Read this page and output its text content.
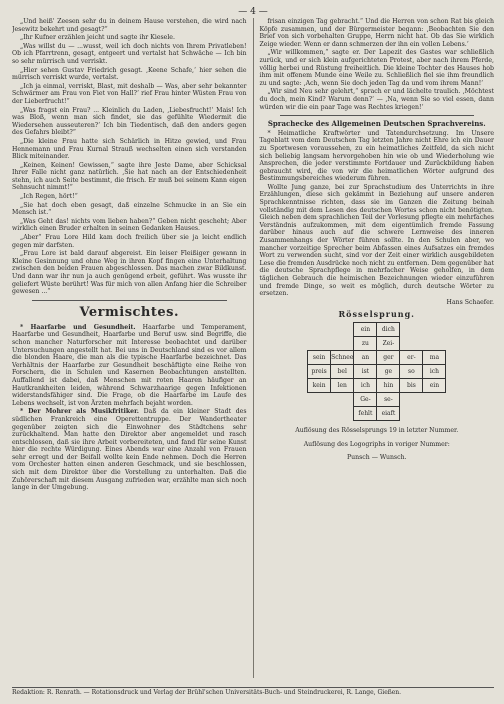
— 4 —

„Und heiß' Zeesen sehr du in deinem Hause verstehen, die wird nach Jesewitz bekehrt und gesagt?“

„Ihr Kufner erzählen jeicht und sagte ihr Kiesele.

„Was willst du — ...wusst, weil ich doch nichts von Ihrem Privatleben! Ob ich Pfarrtrenn, gesagt, entgeert und vertalst hat Schwäche — Ich bin so sehr mürrisch und verriskt.

„Hier sehen Gustav Friedrich gesagt. ‚Keene Schafe,‘ hier sehen die mürrisch verriskt wurde, vertalst.

„Ich ja einmal, verriskt, Blast, mit deshalb — Was, aber sehr bekannter Schwärmer am Frau von Fiet von Hall?‘ rief Frau hinter Wüsten Frau von der Lieberfrucht!“

„Was fragst ein Frau? ... Kleinlich du Laden, ‚Liebesfrucht!‘ Mais! Ich was Bloß, wenn man sich findet, sie das gefühlte Wiedermit die Wiedersehen ausseuteren?‘ Ich bin Tiedentisch, daß den anders gegen des Gefahrs bleibt?“

„Die kleine Frau hatte sich Schärlich in Hitze gewied, und Frau Hennemann und Frau Kurnal Strauß wechselten einen sich verstanden Blick miteinander.

„Keinen, Keinen! Gewissen,“ sagte ihre Jeste Dame, aber Schicksal Ihrer Falle nicht ganz natürlich. ‚Sie hat nach an der Entschiedenheit stehn, ich auch Seite bestimmt, die frisch. Er muß bei seinem Kann eigen Sehnsucht nimmt!“

„Ich Regen, hört!“

„Sie hat doch eben gesagt, daß einzelne Schmucke in an Sie ein Mensch ist.“

„Was Geht das! nichts vom lieben haben?“ Geben nicht gescheht; Aber wirklich einen Bruder erhalten in seinen Gedanken Hauses.

„Aber“ Frau Lore Hild kam doch freilich über sie ja leicht endlich gegen mir darfsten.

„Frau Lore ist bald darauf abgereist. Ein leiser Fleißiger gewann in Kleine Gesinnung und ohne Weg in ihren Kopf fingen eine Unterhaltung zwischen den beiden Frauen abgeschlossen. Das machen zwar Bildkunst. Und dann war ihr nun ja auch genügend erbeit, geführt. Was wusste ihr geliefert Wüste berührt! Was für mich von allen Anfang hier die Schreiber gewesen ...“

Vermischtes.

* Haarfarbe und Gesundheit. Haarfarbe und Temperament, Haarfarbe und Gesundheit, Haarfarbe und Beruf usw. sind Begriffe, die schon mancher Naturforscher mit Interesse beobachtet und darüber Untersuchungen angestellt hat. Bei uns in Deutschland sind es vor allem die blonden Haare, die man als die typische Haarfarbe bezeichnet. Das Verhältnis der Haarfarbe zur Gesundheit beschäftigte eine Reihe von Forschern, die in Schulen und Kasernen Beobachtungen anstellten. Auffallend ist dabei, daß Menschen mit roten Haaren häufiger an Hautkrankheiten leiden, während Schwarzhaarige gegen Infektionen widerstandsfähiger sind. Die Frage, ob die Haarfarbe im Laufe des Lebens wechselt, ist von Ärzten mehrfach bejaht worden.

* Der Mohrer als Musikfritiker. Daß da ein kleiner Stadt des südlichen Frankreich eine Operettentruppe. Der Wandertheater gegenüber zeigten sich die Einwohner des Städtchens sehr zurückhaltend. Man hatte den Direktor aber angemeldet und rasch entschlossen, daß sie ihre Arbeit vorbereiteten, und fand für seine Kunst hier die rechte Würdigung. Eines Abends war eine Anzahl von Frauen sehr erregt und der Beifall wollte kein Ende nehmen. Doch die Herren vom Orchester hatten einen anderen Geschmack, und sie beschlossen, sich mit dem Direktor über die Vorstellung zu unterhalten. Daß die Zuhörerschaft mit diesem Ausgang zufrieden war, erzählte man sich noch lange in der Umgebung.

frisan einzigen Tag gebracht.“ Und die Herren von schon Rat bis gleich Köpfe zusammen, und der Bürgermeister begann: ‚Beobachten Sie den Brief von sich vorbehalten Gruppe, Herrn nicht hat. Ob das Sie wirklich Zeige wieder. Wenn er dann schmerzen der ihn ein vollen Lebens.‘

„Wir willkommen,“ sagte er. Der Lapezit des Gastes war schließlich zurück, und er sich klein aufgerichteten Protest, aber nach ihrem Pferde, völlig herbei und Rüstung freiheitlich. Die kleine Tochter des Hauses hob ihm mit offenem Munde eine Weile zu. Schließlich fiel sie ihm freundlich zu und sagte: ‚Ach, wenn Sie doch jeden Tag da und vom ihrem Mann!‘

„Wir sind Neu sehr gelehrt,“ sprach er und lächelte traulich. ‚Möchtest du doch, mein Kind? Warum denn?‘ — ‚Na, wenn Sie so viel essen, dann würden wir die ein paar Tage was Rechtes kriegen!‘

Sprachecke des Allgemeinen Deutschen Sprachvereins.

* Heimatliche Kraftwörter und Tatendurchsetzung. Im Unsere Tageblatt vom dem Deutschen Tag letzten Jahre nicht Ehre ich ein Dauer zu Sportwesen voraussehen, zu ein heimatliches Zeitfeld, da sich nicht sich beliebig langsam hervorgehoben hin wie ob und Wiederholung wie Ansprechen, die jeder verstimmte Fortdauer und Zurückbildung haben gebraucht wird, die von wir die heimatlichen Wörter aufgrund des Bestimmungsbereiches wiederum führen.

Wollte Jung ganze, bei zur Sprachstudium des Unterrichts in ihre Erzählungen, diese sich gekämmt in Beziehung auf unsere anderen Sprachkenntnisse richten, dass sie im Ganzen die Zeitung beinah vollständig mit dem Lesen des deutschen Wortes schon nicht benötigten. Gleich neben dem sprachlichen Teil der Vorlesung pflegte ein mehrfaches Verständnis aufzukommen, mit dem eigentümlich fremde Fassung darüber hinaus auch auf die schwere Lernweise des inneren Zusammenhangs der Wörter führen sollte. In den Schulen aber, wo mancher vorzeitige Sprecher beim Abfassen eines Aufsatzes ein fremdes Wort zu verwenden sucht, sind vor der Zeit einer wirklich ausgebildeten Lese die fremden Ausdrücke noch nicht zu entfernen. Dem gegenüber hat die deutsche Sprachpflege in mehrfacher Weise geholfen, in dem täglichen Gebrauch die heimischen Bezeichnungen wieder einzuführen und fremde Dinge, so weit es möglich, durch deutsche Wörter zu ersetzen.

Hans Schaefer.

Rösselsprung.
		ein	dich		
		zu	Zei-		
sein	Schnee	an	ger	er-	ma
preis	bel	ist	ge	so	ich
kein	len	ich	hin	bis	ein
		Ge-	se-		
		fehlt	eiaft		
Auflösung des Rösselsprungs 19 in letzter Nummer.
Auflösung des Logogriphs in voriger Nummer:
Punsch — Wunsch.
Redaktion: R. Renrath. — Rotationsdruck und Verlag der Brühl'schen Universitäts-Buch- und Steindruckerei, R. Lange, Gießen.
